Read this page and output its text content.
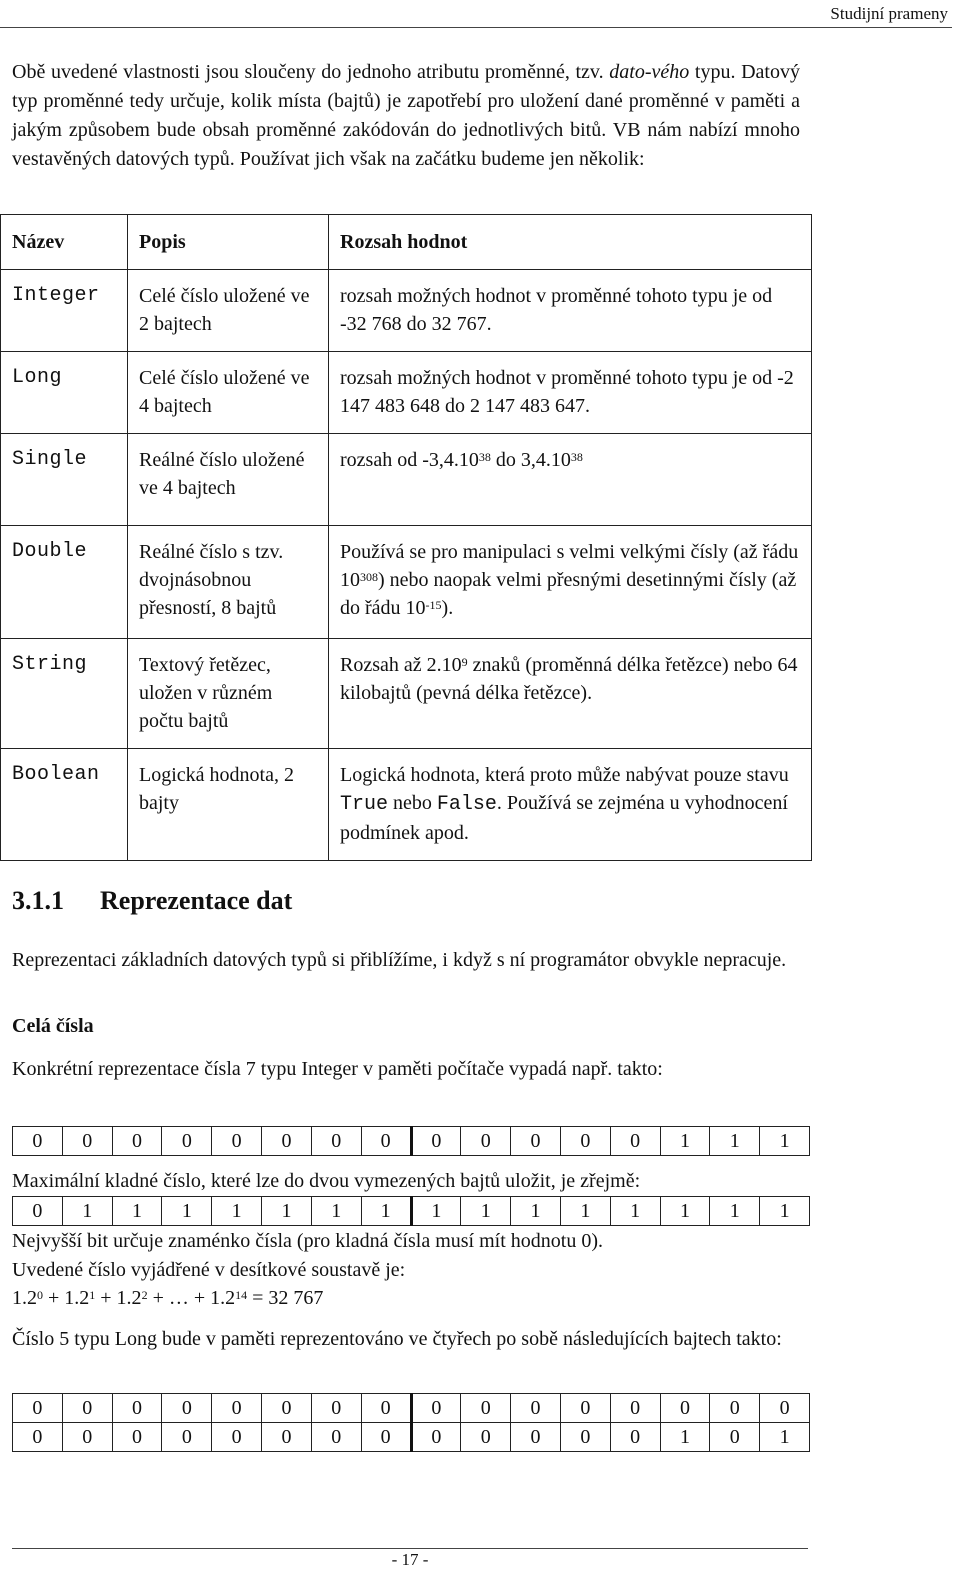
Studijní prameny
Obě uvedené vlastnosti jsou sloučeny do jednoho atributu proměnné, tzv. dato-vého typu. Datový typ proměnné tedy určuje, kolik místa (bajtů) je zapotřebí pro uložení dané proměnné v paměti a jakým způsobem bude obsah proměnné zakódován do jednotlivých bitů. VB nám nabízí mnoho vestavěných datových typů. Používat jich však na začátku budeme jen několik:
Název	Popis	Rozsah hodnot
Integer	Celé číslo uložené ve 2 bajtech	rozsah možných hodnot v proměnné tohoto typu je od -32 768 do 32 767.
Long	Celé číslo uložené ve 4 bajtech	rozsah možných hodnot v proměnné tohoto typu je od -2 147 483 648 do 2 147 483 647.
Single	Reálné číslo uložené ve 4 bajtech	rozsah od -3,4.10$^{38}$ do 3,4.10$^{38}$
Double	Reálné číslo s tzv. dvojnásobnou přesností, 8 bajtů	Používá se pro manipulaci s velmi velkými čísly (až řádu $10^{308}$) nebo naopak velmi přesnými desetinnými čísly (až do řádu $10^{-15}$).
String	Textový řetězec, uložen v různém počtu bajtů	Rozsah až 2.10$^9$ znaků (proměnná délka řetězce) nebo 64 kilobajtů (pevná délka řetězce).
Boolean	Logická hodnota, 2 bajty	Logická hodnota, která proto může nabývat pouze stavu True nebo False. Používá se zejména u vyhodnocení podmínek apod.
3.1.1 Reprezentace dat
Reprezentaci základních datových typů si přiblížíme, i když s ní programátor obvykle nepracuje.
Celá čísla
Konkrétní reprezentace čísla 7 typu Integer v paměti počítače vypadá např. takto:
0	0	0	0	0	0	0	0	0	0	0	0	0	1	1	1
Maximální kladné číslo, které lze do dvou vymezených bajtů uložit, je zřejmě:
0	1	1	1	1	1	1	1	1	1	1	1	1	1	1	1
Nejvyšší bit určuje znaménko čísla (pro kladná čísla musí mít hodnotu 0).
Uvedené číslo vyjádřené v desítkové soustavě je:
$1.2^0 + 1.2^1 + 1.2^2$ + … + $1.2^{14} = 32$ 767
Číslo 5 typu Long bude v paměti reprezentováno ve čtyřech po sobě následujících bajtech takto:
0	0	0	0	0	0	0	0	0	0	0	0	0	0	0	0
0	0	0	0	0	0	0	0	0	0	0	0	0	1	0	1
- 17 -
